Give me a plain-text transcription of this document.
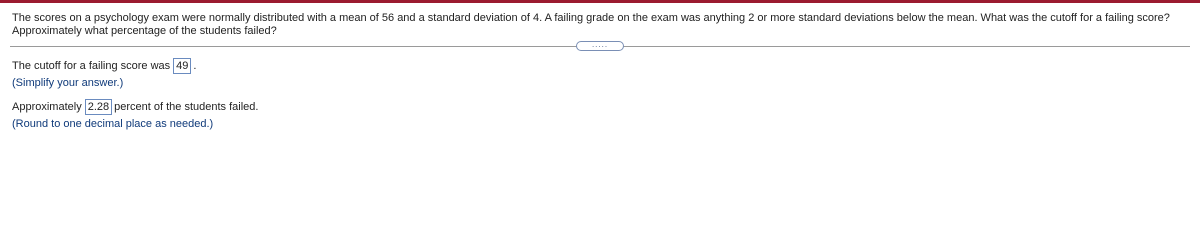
The scores on a psychology exam were normally distributed with a mean of 56 and a standard deviation of 4. A failing grade on the exam was anything 2 or more standard deviations below the mean. What was the cutoff for a failing score?
Approximately what percentage of the students failed?
.....
The cutoff for a failing score was 49 .
(Simplify your answer.)
Approximately 2.28 percent of the students failed.
(Round to one decimal place as needed.)
